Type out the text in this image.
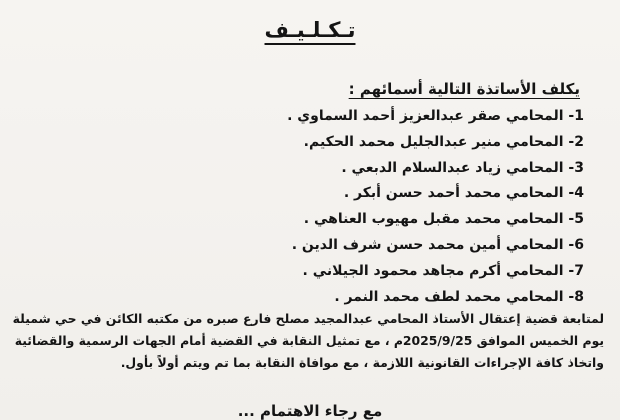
تـكـلـيـف
يكلف الأساتذة التالية أسمائهم :
1- المحامي صقر عبدالعزيز أحمد السماوي .
2- المحامي منير عبدالجليل محمد الحكيم.
3- المحامي زياد عبدالسلام الدبعي .
4- المحامي محمد أحمد حسن أبكر .
5- المحامي محمد مقبل مهيوب العناهي .
6- المحامي أمين محمد حسن شرف الدين .
7- المحامي أكرم مجاهد محمود الجيلاني .
8- المحامي محمد لطف محمد النمر .
لمتابعة قضية إعتقال الأستاذ المحامي عبدالمجيد مصلح فارع صبره من مكتبه الكائن في حي شميلة
يوم الخميس الموافق 2025/9/25م ، مع تمثيل النقابة في القضية أمام الجهات الرسمية والقضائية
واتخاذ كافة الإجراءات القانونية اللازمة ، مع موافاة النقابة بما تم ويتم أولاً بأول.
مع رجاء الاهتمام ...
